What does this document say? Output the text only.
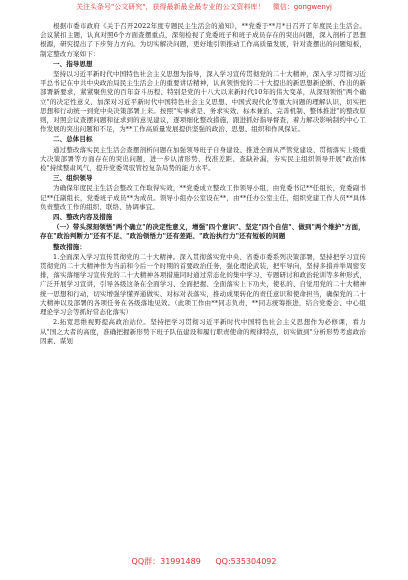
关注头条号"公文研究"，获得最新最全最专业的公文资料库！ 微信：gongwenyj

根据市委市政府《关于召开2022年度专题民主生活会的通知》，**党委于**月*日召开了年度民主生活会。会议紧扣主题，认真对照6个方面查摆重点，深刻检视了党委班子和班子成员存在的突出问题，深入剖析了思想根源，研究提出了下步努力方向。为切实解决问题，更好地引领推动工作高质量发展，针对查摆出的问题短板，制定整改方案如下：

一、指导思想

坚持以习近平新时代中国特色社会主义思想为指导，深入学习宣传贯彻党的二十大精神，深入学习贯彻习近平总书记在中共中央政治局民主生活会上的重要讲话精神，认真领悟党的二十大提出的新思想新论断、作出的新部署新要求，紧紧聚焦党的百年奋斗历程、特别是党的十八大以来新时代10年的伟大变革，从深刻领悟"两个确立"的决定性意义、加深对习近平新时代中国特色社会主义思想、中国式现代化等重大问题的理解认识，切实把思想和行动统一到党中央决策部署上来。按照"实事求是、务求实效、标本兼治、完善机制、整体推进"的整改原则，对照会议查摆问题和征求到的意见建议，逐项细化整改措施，跟进抓好指导督查，着力解决影响制约中心工作发展的突出问题和不足，为**工作高质量发展提供坚强的政治、思想、组织和作风保证。

二、总体目标

通过整改落实民主生活会查摆剖析问题在加强领导班子自身建设、推进全面从严管党建设、贯彻落实上级重大决策部署等方面存在的突出问题，进一步认清形势、找准差距、查缺补漏，夯实民主组织领导开展"政治体检"持续整肃风气，提升党委驾驭管控复杂局势的能力水平。

三、组织领导

为确保年度民主生活会整改工作取得实效，**党委成立整改工作领导小组，由党委书记**任组长，党委副书记**任副组长，党委班子成员**为成员。领导小组办公室设在**，由**任办公室主任，组织党建工作人员**具体负责整改工作的组织、联络、协调事宜。

四、整改内容及措施

（一）带头深刻领悟"两个确立"的决定性意义，增强"四个意识"、坚定"四个自信"、做到"两个维护"方面，存在"政治判断力"还有不足、"政治领悟力"还有差距、"政治执行力"还有短板的问题

整改措施：

1.全面深入学习宣传贯彻党的二十大精神。深入贯彻落实党中央、省委市委系列决策部署，坚持把学习宣传贯彻党的二十大精神作为当前和今后一个时期的首要政治任务，强化理论武装，把牢导向，坚持多措并举周密安排，落实落细学习宣传党的二十大精神各项措施同时通过常态化的集中学习、专题研讨和政治轮训等多种形式，广泛开展学习宣讲，引导各级这条在全面学习、全面把握、全面落实上下功夫，使私的、自觉用党的二十大精神统一思想和行动，切实增强学懂弄通做实、对标对表落实，推动成果转化的责任意识和使命担当，确保党的二十大精神以及部署的各项任务在各级落地见效。（此项工作由**同志负责，**同志统筹推进，结合党委会、中心组理论学习会等抓好常态化落实）

2.拓宽思维视野提高政治站位。坚持把学习贯彻习近平新时代中国特色社会主义思想作为必修课，看力从"国之大者的高度，准确把握新形势下班子队伍建设和履行职责使命的规律特点，切实做到"分析形势考虑政治因素、谋划

QQ群：31991489 QQ:535304092
